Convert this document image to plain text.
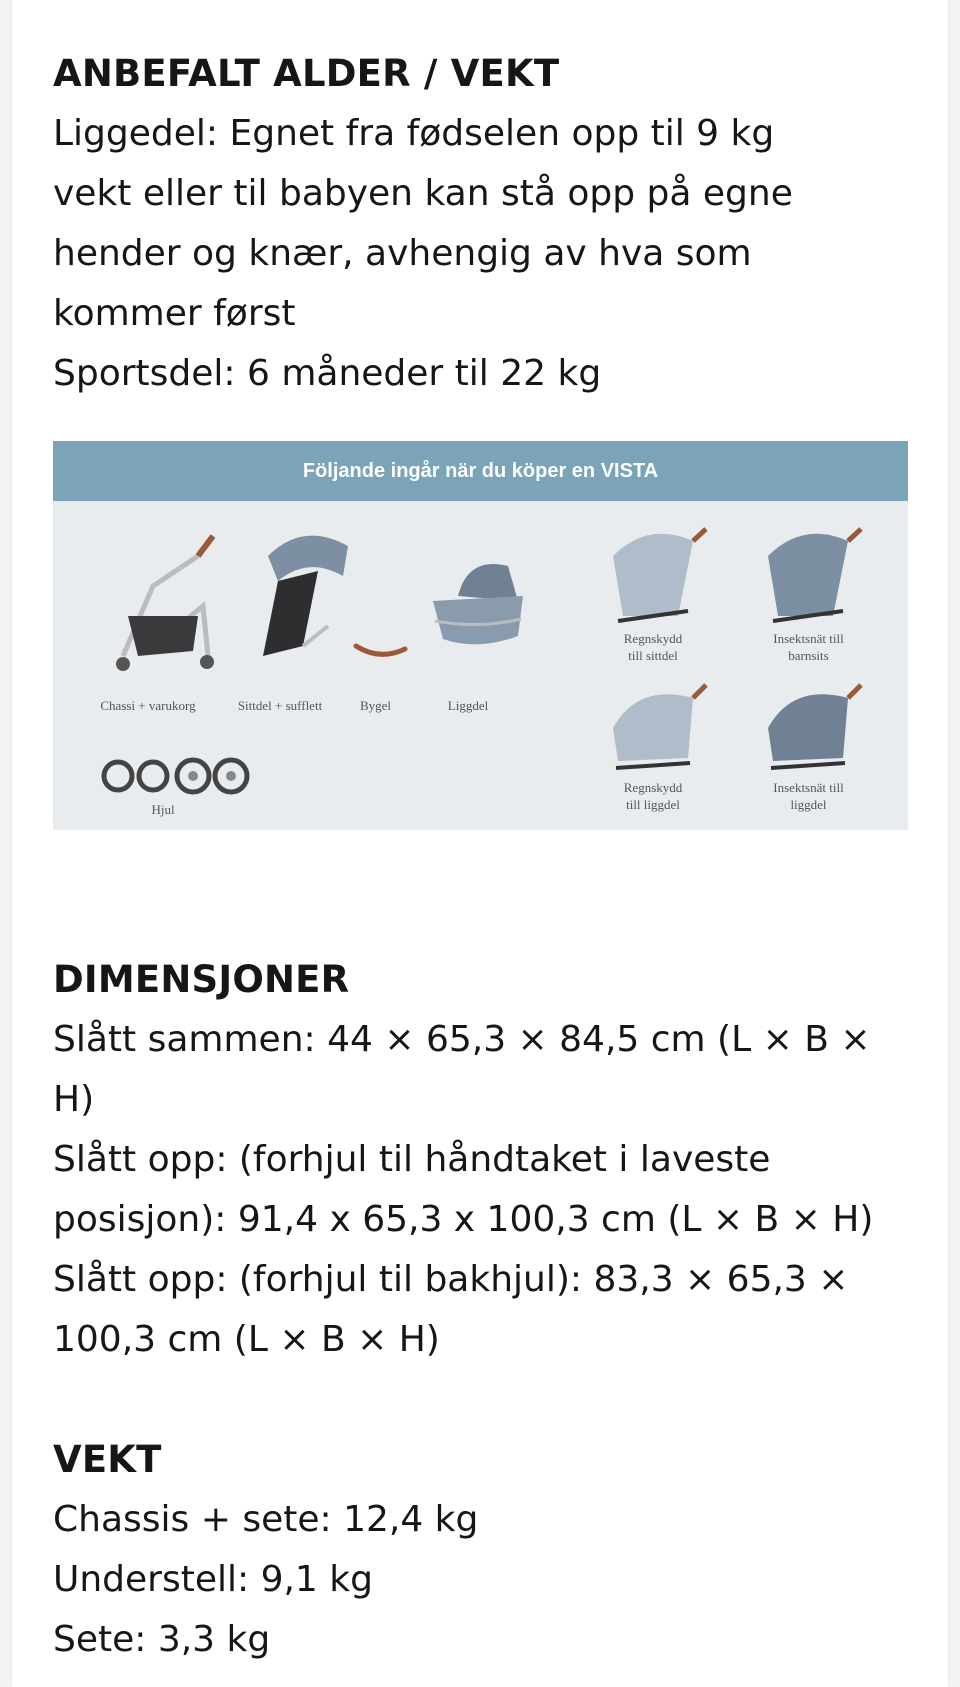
ANBEFALT ALDER / VEKT

Liggedel: Egnet fra fødselen opp til 9 kg

vekt eller til babyen kan stå opp på egne

hender og knær, avhengig av hva som

kommer først

Sportsdel: 6 måneder til 22 kg

Följande ingår när du köper en VISTA
Chassi + varukorg	Sittdel + sufflett	Bygel	Liggdel
Hjul
Regnskydd
till sittdel
Insektsnät till
barnsits
Regnskydd
till liggdel
Insektsnät till
liggdel
DIMENSJONER

Slått sammen: 44 × 65,3 × 84,5 cm (L × B ×

H)

Slått opp: (forhjul til håndtaket i laveste

posisjon): 91,4 x 65,3 x 100,3 cm (L × B × H)

Slått opp: (forhjul til bakhjul): 83,3 × 65,3 ×

100,3 cm (L × B × H)

VEKT

Chassis + sete: 12,4 kg

Understell: 9,1 kg

Sete: 3,3 kg
